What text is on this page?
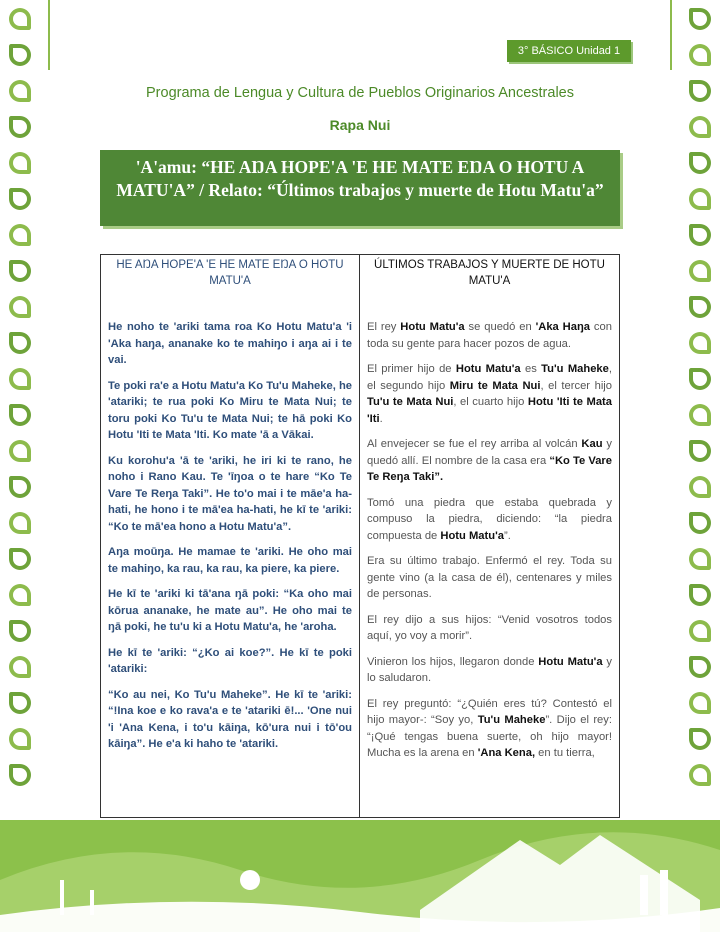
3° BÁSICO Unidad 1
Programa de Lengua y Cultura de Pueblos Originarios Ancestrales
Rapa Nui
'A'amu: “HE AŊA HOPE'A 'E HE MATE EŊA O HOTU A MATU'A” / Relato: “Últimos trabajos y muerte de Hotu Matu'a”
HE AŊA HOPE'A 'E HE MATE EŊA O HOTU MATU'A

He noho te 'ariki tama roa Ko Hotu Matu'a 'i 'Aka haŋa, ananake ko te mahiŋo i aŋa ai i te vai.

Te poki ra'e a Hotu Matu'a Ko Tu'u Maheke, he 'atariki; te rua poki Ko Miru te Mata Nui; te toru poki Ko Tu'u te Mata Nui; te hā poki Ko Hotu 'Iti te Mata 'Iti. Ko mate 'ā a Vākai.

Ku korohu'a 'ā te 'ariki, he iri ki te rano, he noho i Rano Kau. Te 'īŋoa o te hare “Ko Te Vare Te Reŋa Taki”. He to'o mai i te māe'a ha-hati, he hono i te mā'ea ha-hati, he kī te 'ariki: “Ko te mā'ea hono a Hotu Matu'a”.

Aŋa moūŋa. He mamae te 'ariki. He oho mai te mahiŋo, ka rau, ka rau, ka piere, ka piere.

He kī te 'ariki ki tā'ana ŋā poki: “Ka oho mai kōrua ananake, he mate au”. He oho mai te ŋā poki, he tu'u ki a Hotu Matu'a, he 'aroha.

He kī te 'ariki: “¿Ko ai koe?”. He kī te poki 'atariki:

“Ko au nei, Ko Tu'u Maheke”. He kī te 'ariki: “!Ina koe e ko rava'a e te 'atariki ē!... 'One nui 'i 'Ana Kena, i to'u kāiŋa, kō'ura nui i tō'ou kāiŋa”. He e'a ki haho te 'atariki.

ÚLTIMOS TRABAJOS Y MUERTE DE HOTU MATU'A

El rey Hotu Matu'a se quedó en 'Aka Haŋa con toda su gente para hacer pozos de agua.

El primer hijo de Hotu Matu'a es Tu'u Maheke, el segundo hijo Miru te Mata Nui, el tercer hijo Tu'u te Mata Nui, el cuarto hijo Hotu 'Iti te Mata 'Iti.

Al envejecer se fue el rey arriba al volcán Kau y quedó allí. El nombre de la casa era “Ko Te Vare Te Reŋa Taki”.

Tomó una piedra que estaba quebrada y compuso la piedra, diciendo: “la piedra compuesta de Hotu Matu'a”.

Era su último trabajo. Enfermó el rey. Toda su gente vino (a la casa de él), centenares y miles de personas.

El rey dijo a sus hijos: “Venid vosotros todos aquí, yo voy a morir”.

Vinieron los hijos, llegaron donde Hotu Matu'a y lo saludaron.

El rey preguntó: “¿Quién eres tú? Contestó el hijo mayor-: “Soy yo, Tu'u Maheke”. Dijo el rey: “¡Qué tengas buena suerte, oh hijo mayor! Mucha es la arena en 'Ana Kena, en tu tierra,
